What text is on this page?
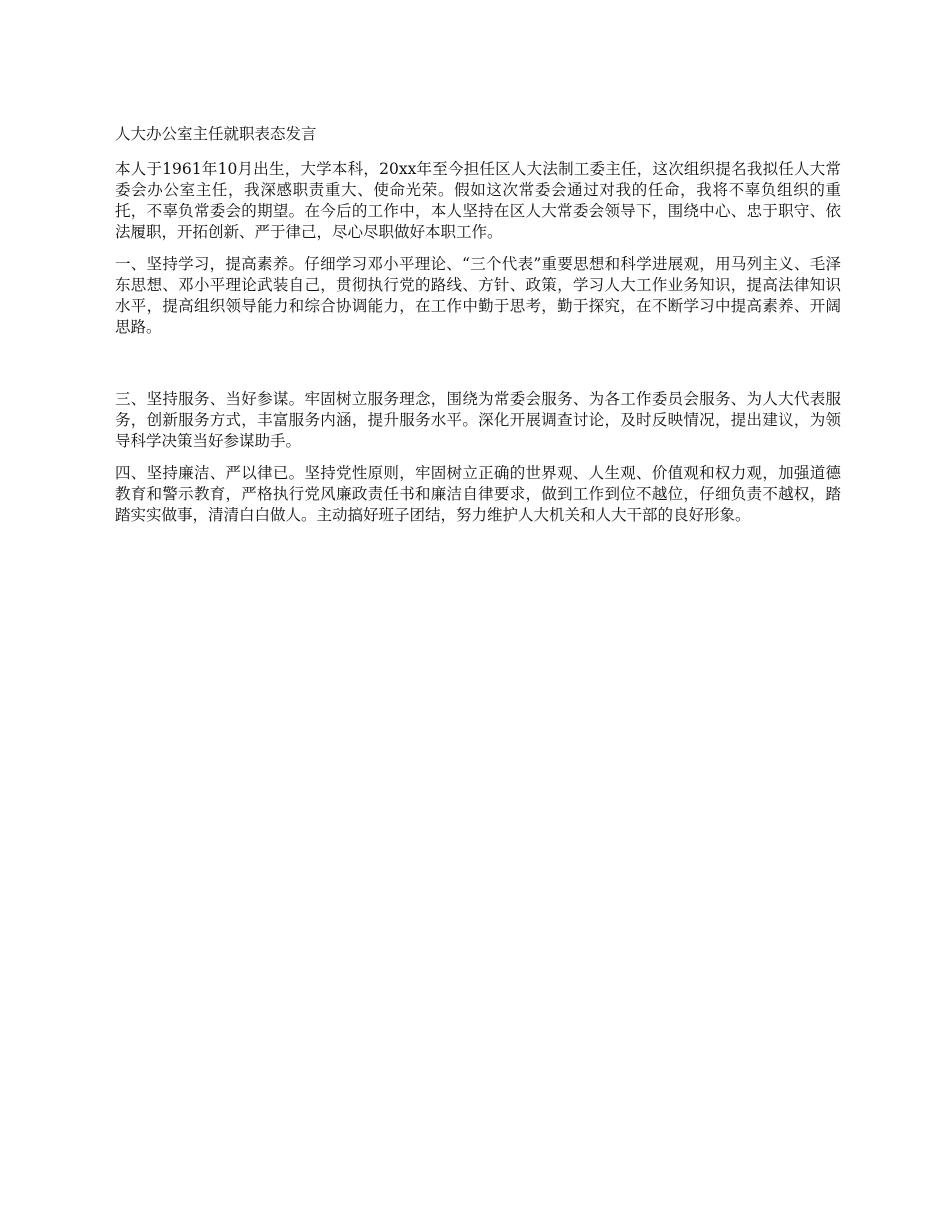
人大办公室主任就职表态发言

本人于1961年10月出生，大学本科，20xx年至今担任区人大法制工委主任，这次组织提名我拟任人大常委会办公室主任，我深感职责重大、使命光荣。假如这次常委会通过对我的任命，我将不辜负组织的重托，不辜负常委会的期望。在今后的工作中，本人坚持在区人大常委会领导下，围绕中心、忠于职守、依法履职，开拓创新、严于律己，尽心尽职做好本职工作。

一、坚持学习，提高素养。仔细学习邓小平理论、“三个代表”重要思想和科学进展观，用马列主义、毛泽东思想、邓小平理论武装自己，贯彻执行党的路线、方针、政策，学习人大工作业务知识，提高法律知识水平，提高组织领导能力和综合协调能力，在工作中勤于思考，勤于探究，在不断学习中提高素养、开阔思路。

三、坚持服务、当好参谋。牢固树立服务理念，围绕为常委会服务、为各工作委员会服务、为人大代表服务，创新服务方式，丰富服务内涵，提升服务水平。深化开展调查讨论，及时反映情况，提出建议，为领导科学决策当好参谋助手。

四、坚持廉洁、严以律已。坚持党性原则，牢固树立正确的世界观、人生观、价值观和权力观，加强道德教育和警示教育，严格执行党风廉政责任书和廉洁自律要求，做到工作到位不越位，仔细负责不越权，踏踏实实做事，清清白白做人。主动搞好班子团结，努力维护人大机关和人大干部的良好形象。
